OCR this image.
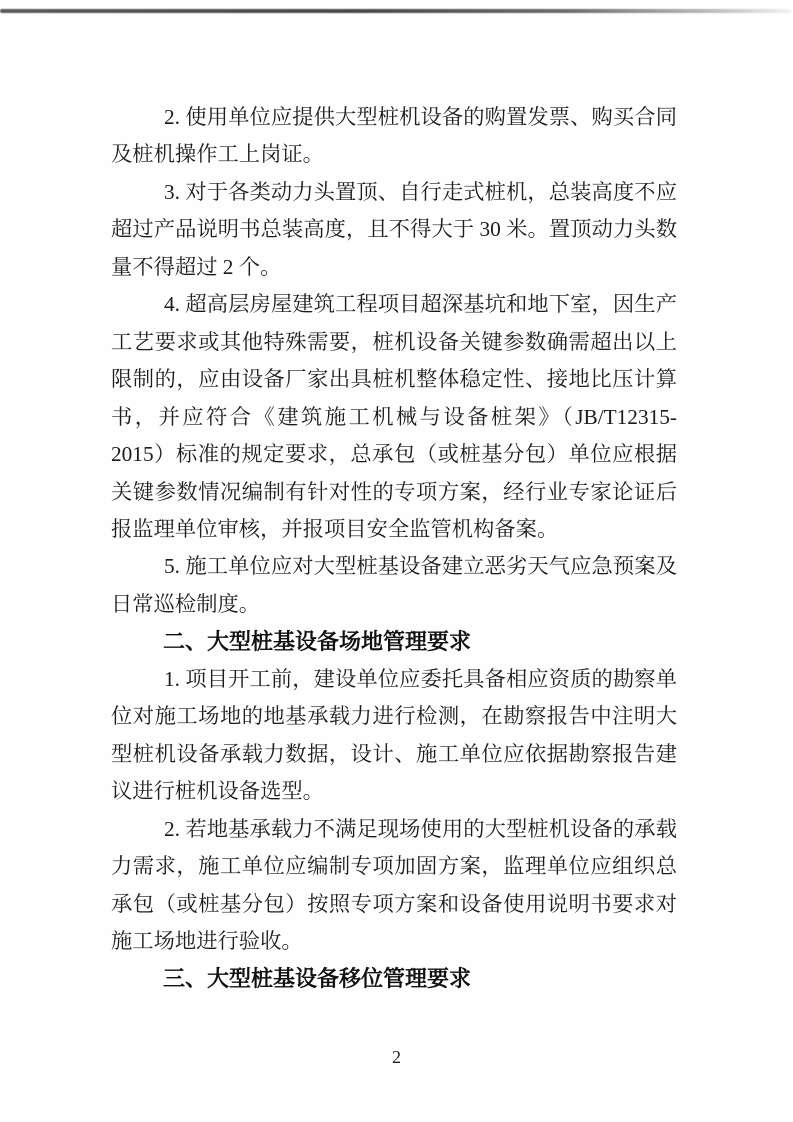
2. 使用单位应提供大型桩机设备的购置发票、购买合同及桩机操作工上岗证。

3. 对于各类动力头置顶、自行走式桩机，总装高度不应超过产品说明书总装高度，且不得大于 30 米。置顶动力头数量不得超过 2 个。

4. 超高层房屋建筑工程项目超深基坑和地下室，因生产工艺要求或其他特殊需要，桩机设备关键参数确需超出以上限制的，应由设备厂家出具桩机整体稳定性、接地比压计算书，并应符合《建筑施工机械与设备桩架》（JB/T12315-2015）标准的规定要求，总承包（或桩基分包）单位应根据关键参数情况编制有针对性的专项方案，经行业专家论证后报监理单位审核，并报项目安全监管机构备案。

5. 施工单位应对大型桩基设备建立恶劣天气应急预案及日常巡检制度。

二、大型桩基设备场地管理要求

1. 项目开工前，建设单位应委托具备相应资质的勘察单位对施工场地的地基承载力进行检测，在勘察报告中注明大型桩机设备承载力数据，设计、施工单位应依据勘察报告建议进行桩机设备选型。

2. 若地基承载力不满足现场使用的大型桩机设备的承载力需求，施工单位应编制专项加固方案，监理单位应组织总承包（或桩基分包）按照专项方案和设备使用说明书要求对施工场地进行验收。

三、大型桩基设备移位管理要求
2
